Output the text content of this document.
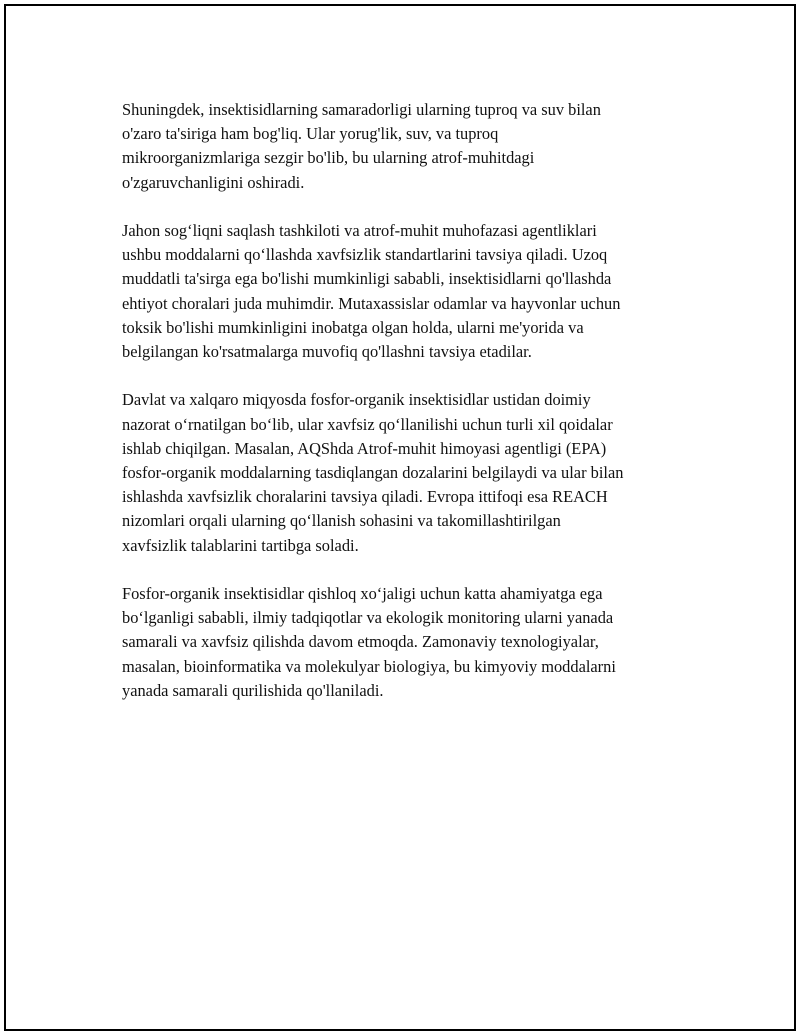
Shuningdek, insektisidlarning samaradorligi ularning tuproq va suv bilan
o'zaro ta'siriga ham bog'liq. Ular yorug'lik, suv, va tuproq
mikroorganizmlariga sezgir bo'lib, bu ularning atrof-muhitdagi
o'zgaruvchanligini oshiradi.

Jahon sog‘liqni saqlash tashkiloti va atrof-muhit muhofazasi agentliklari
ushbu moddalarni qo‘llashda xavfsizlik standartlarini tavsiya qiladi. Uzoq
muddatli ta'sirga ega bo'lishi mumkinligi sababli, insektisidlarni qo'llashda
ehtiyot choralari juda muhimdir. Mutaxassislar odamlar va hayvonlar uchun
toksik bo'lishi mumkinligini inobatga olgan holda, ularni me'yorida va
belgilangan ko'rsatmalarga muvofiq qo'llashni tavsiya etadilar.

Davlat va xalqaro miqyosda fosfor-organik insektisidlar ustidan doimiy
nazorat o‘rnatilgan bo‘lib, ular xavfsiz qo‘llanilishi uchun turli xil qoidalar
ishlab chiqilgan. Masalan, AQShda Atrof-muhit himoyasi agentligi (EPA)
fosfor-organik moddalarning tasdiqlangan dozalarini belgilaydi va ular bilan
ishlashda xavfsizlik choralarini tavsiya qiladi. Evropa ittifoqi esa REACH
nizomlari orqali ularning qo‘llanish sohasini va takomillashtirilgan
xavfsizlik talablarini tartibga soladi.

Fosfor-organik insektisidlar qishloq xo‘jaligi uchun katta ahamiyatga ega
bo‘lganligi sababli, ilmiy tadqiqotlar va ekologik monitoring ularni yanada
samarali va xavfsiz qilishda davom etmoqda. Zamonaviy texnologiyalar,
masalan, bioinformatika va molekulyar biologiya, bu kimyoviy moddalarni
yanada samarali qurilishida qo'llaniladi.
